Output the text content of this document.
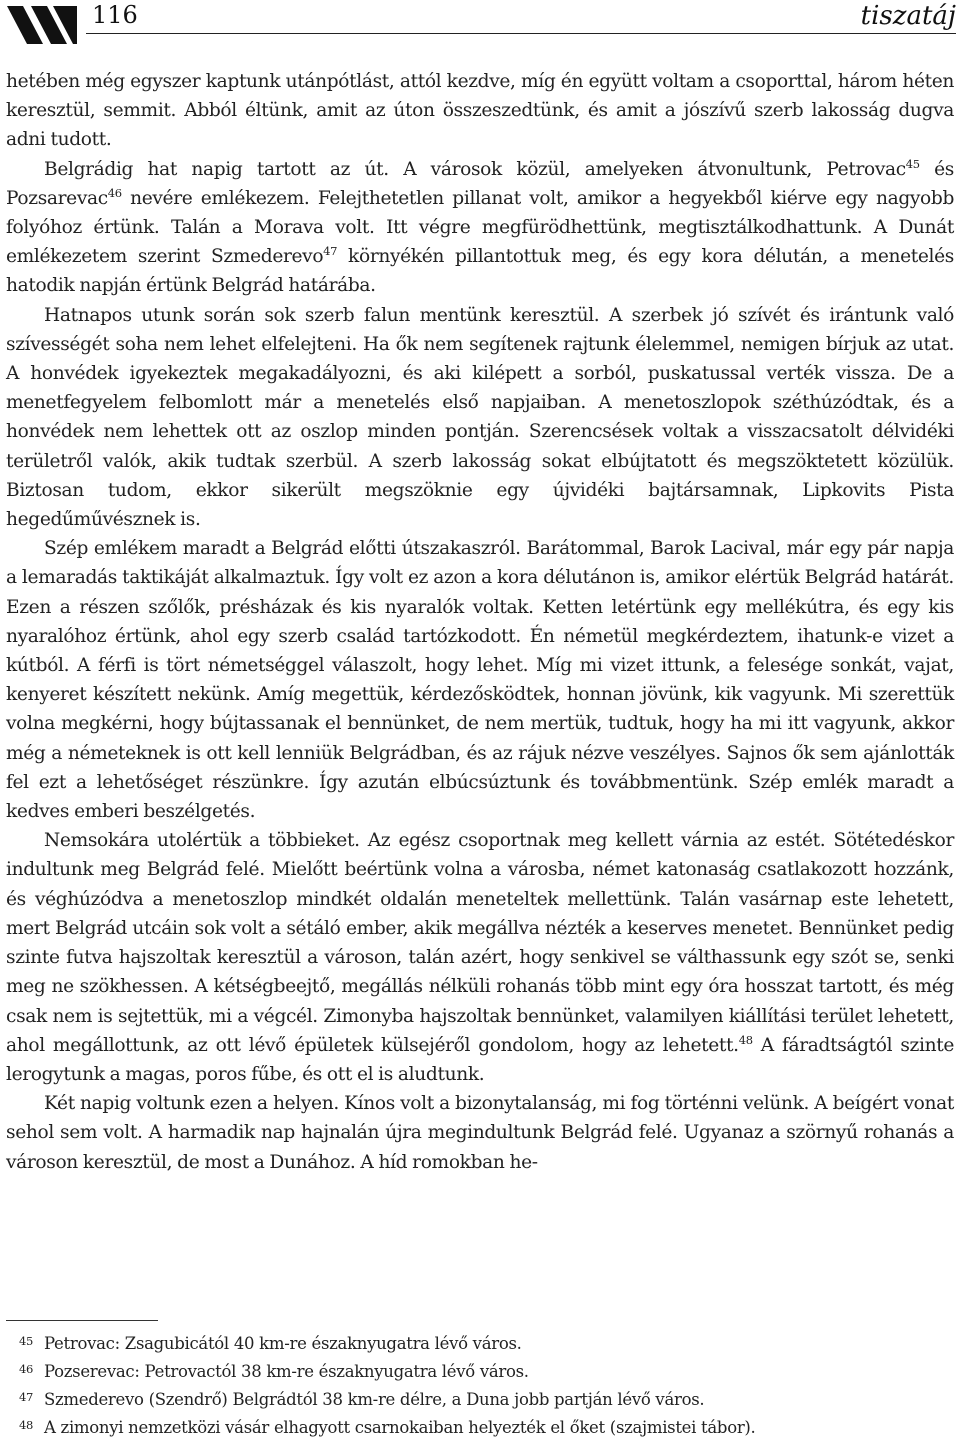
116	tiszatáj

hetében még egyszer kaptunk utánpótlást, attól kezdve, míg én együtt voltam a csoporttal, három héten keresztül, semmit. Abból éltünk, amit az úton összeszedtünk, és amit a jószívű szerb lakosság dugva adni tudott.

Belgrádig hat napig tartott az út. A városok közül, amelyeken átvonultunk, Petrovac$^{45}$ és Pozsarevac$^{46}$ nevére emlékezem. Felejthetetlen pillanat volt, amikor a hegyekből kiérve egy nagyobb folyóhoz értünk. Talán a Morava volt. Itt végre megfürödhettünk, megtisztálkodhattunk. A Dunát emlékezetem szerint Szmederevo$^{47}$ környékén pillantottuk meg, és egy kora délután, a menetelés hatodik napján értünk Belgrád határába.

Hatnapos utunk során sok szerb falun mentünk keresztül. A szerbek jó szívét és irántunk való szívességét soha nem lehet elfelejteni. Ha ők nem segítenek rajtunk élelemmel, nemigen bírjuk az utat. A honvédek igyekeztek megakadályozni, és aki kilépett a sorból, puskatussal verték vissza. De a menetfegyelem felbomlott már a menetelés első napjaiban. A menetoszlopok széthúzódtak, és a honvédek nem lehettek ott az oszlop minden pontján. Szerencsések voltak a visszacsatolt délvidéki területről valók, akik tudtak szerbül. A szerb lakosság sokat elbújtatott és megszöktetett közülük. Biztosan tudom, ekkor sikerült megszöknie egy újvidéki bajtársamnak, Lipkovits Pista hegedűművésznek is.

Szép emlékem maradt a Belgrád előtti útszakaszról. Barátommal, Barok Lacival, már egy pár napja a lemaradás taktikáját alkalmaztuk. Így volt ez azon a kora délutánon is, amikor elértük Belgrád határát. Ezen a részen szőlők, présházak és kis nyaralók voltak. Ketten letértünk egy mellékútra, és egy kis nyaralóhoz értünk, ahol egy szerb család tartózkodott. Én németül megkérdeztem, ihatunk-e vizet a kútból. A férfi is tört németséggel válaszolt, hogy lehet. Míg mi vizet ittunk, a felesége sonkát, vajat, kenyeret készített nekünk. Amíg megettük, kérdezősködtek, honnan jövünk, kik vagyunk. Mi szerettük volna megkérni, hogy bújtassanak el bennünket, de nem mertük, tudtuk, hogy ha mi itt vagyunk, akkor még a németeknek is ott kell lenniük Belgrádban, és az rájuk nézve veszélyes. Sajnos ők sem ajánlották fel ezt a lehetőséget részünkre. Így azután elbúcsúztunk és továbbmentünk. Szép emlék maradt a kedves emberi beszélgetés.

Nemsokára utolértük a többieket. Az egész csoportnak meg kellett várnia az estét. Sötétedéskor indultunk meg Belgrád felé. Mielőtt beértünk volna a városba, német katonaság csatlakozott hozzánk, és véghúzódva a menetoszlop mindkét oldalán meneteltek mellettünk. Talán vasárnap este lehetett, mert Belgrád utcáin sok volt a sétáló ember, akik megállva nézték a keserves menetet. Bennünket pedig szinte futva hajszoltak keresztül a városon, talán azért, hogy senkivel se válthassunk egy szót se, senki meg ne szökhessen. A kétségbeejtő, megállás nélküli rohanás több mint egy óra hosszat tartott, és még csak nem is sejtettük, mi a végcél. Zimonyba hajszoltak bennünket, valamilyen kiállítási terület lehetett, ahol megállottunk, az ott lévő épületek külsejéről gondolom, hogy az lehetett.$^{48}$ A fáradtságtól szinte lerogytunk a magas, poros fűbe, és ott el is aludtunk.

Két napig voltunk ezen a helyen. Kínos volt a bizonytalanság, mi fog történni velünk. A beígért vonat sehol sem volt. A harmadik nap hajnalán újra megindultunk Belgrád felé. Ugyanaz a szörnyű rohanás a városon keresztül, de most a Dunához. A híd romokban he-

45 Petrovac: Zsagubicától 40 km-re északnyugatra lévő város.
46 Pozserevac: Petrovactól 38 km-re északnyugatra lévő város.
47 Szmederevo (Szendrő) Belgrádtól 38 km-re délre, a Duna jobb partján lévő város.
48 A zimonyi nemzetközi vásár elhagyott csarnokaiban helyezték el őket (szajmistei tábor).
